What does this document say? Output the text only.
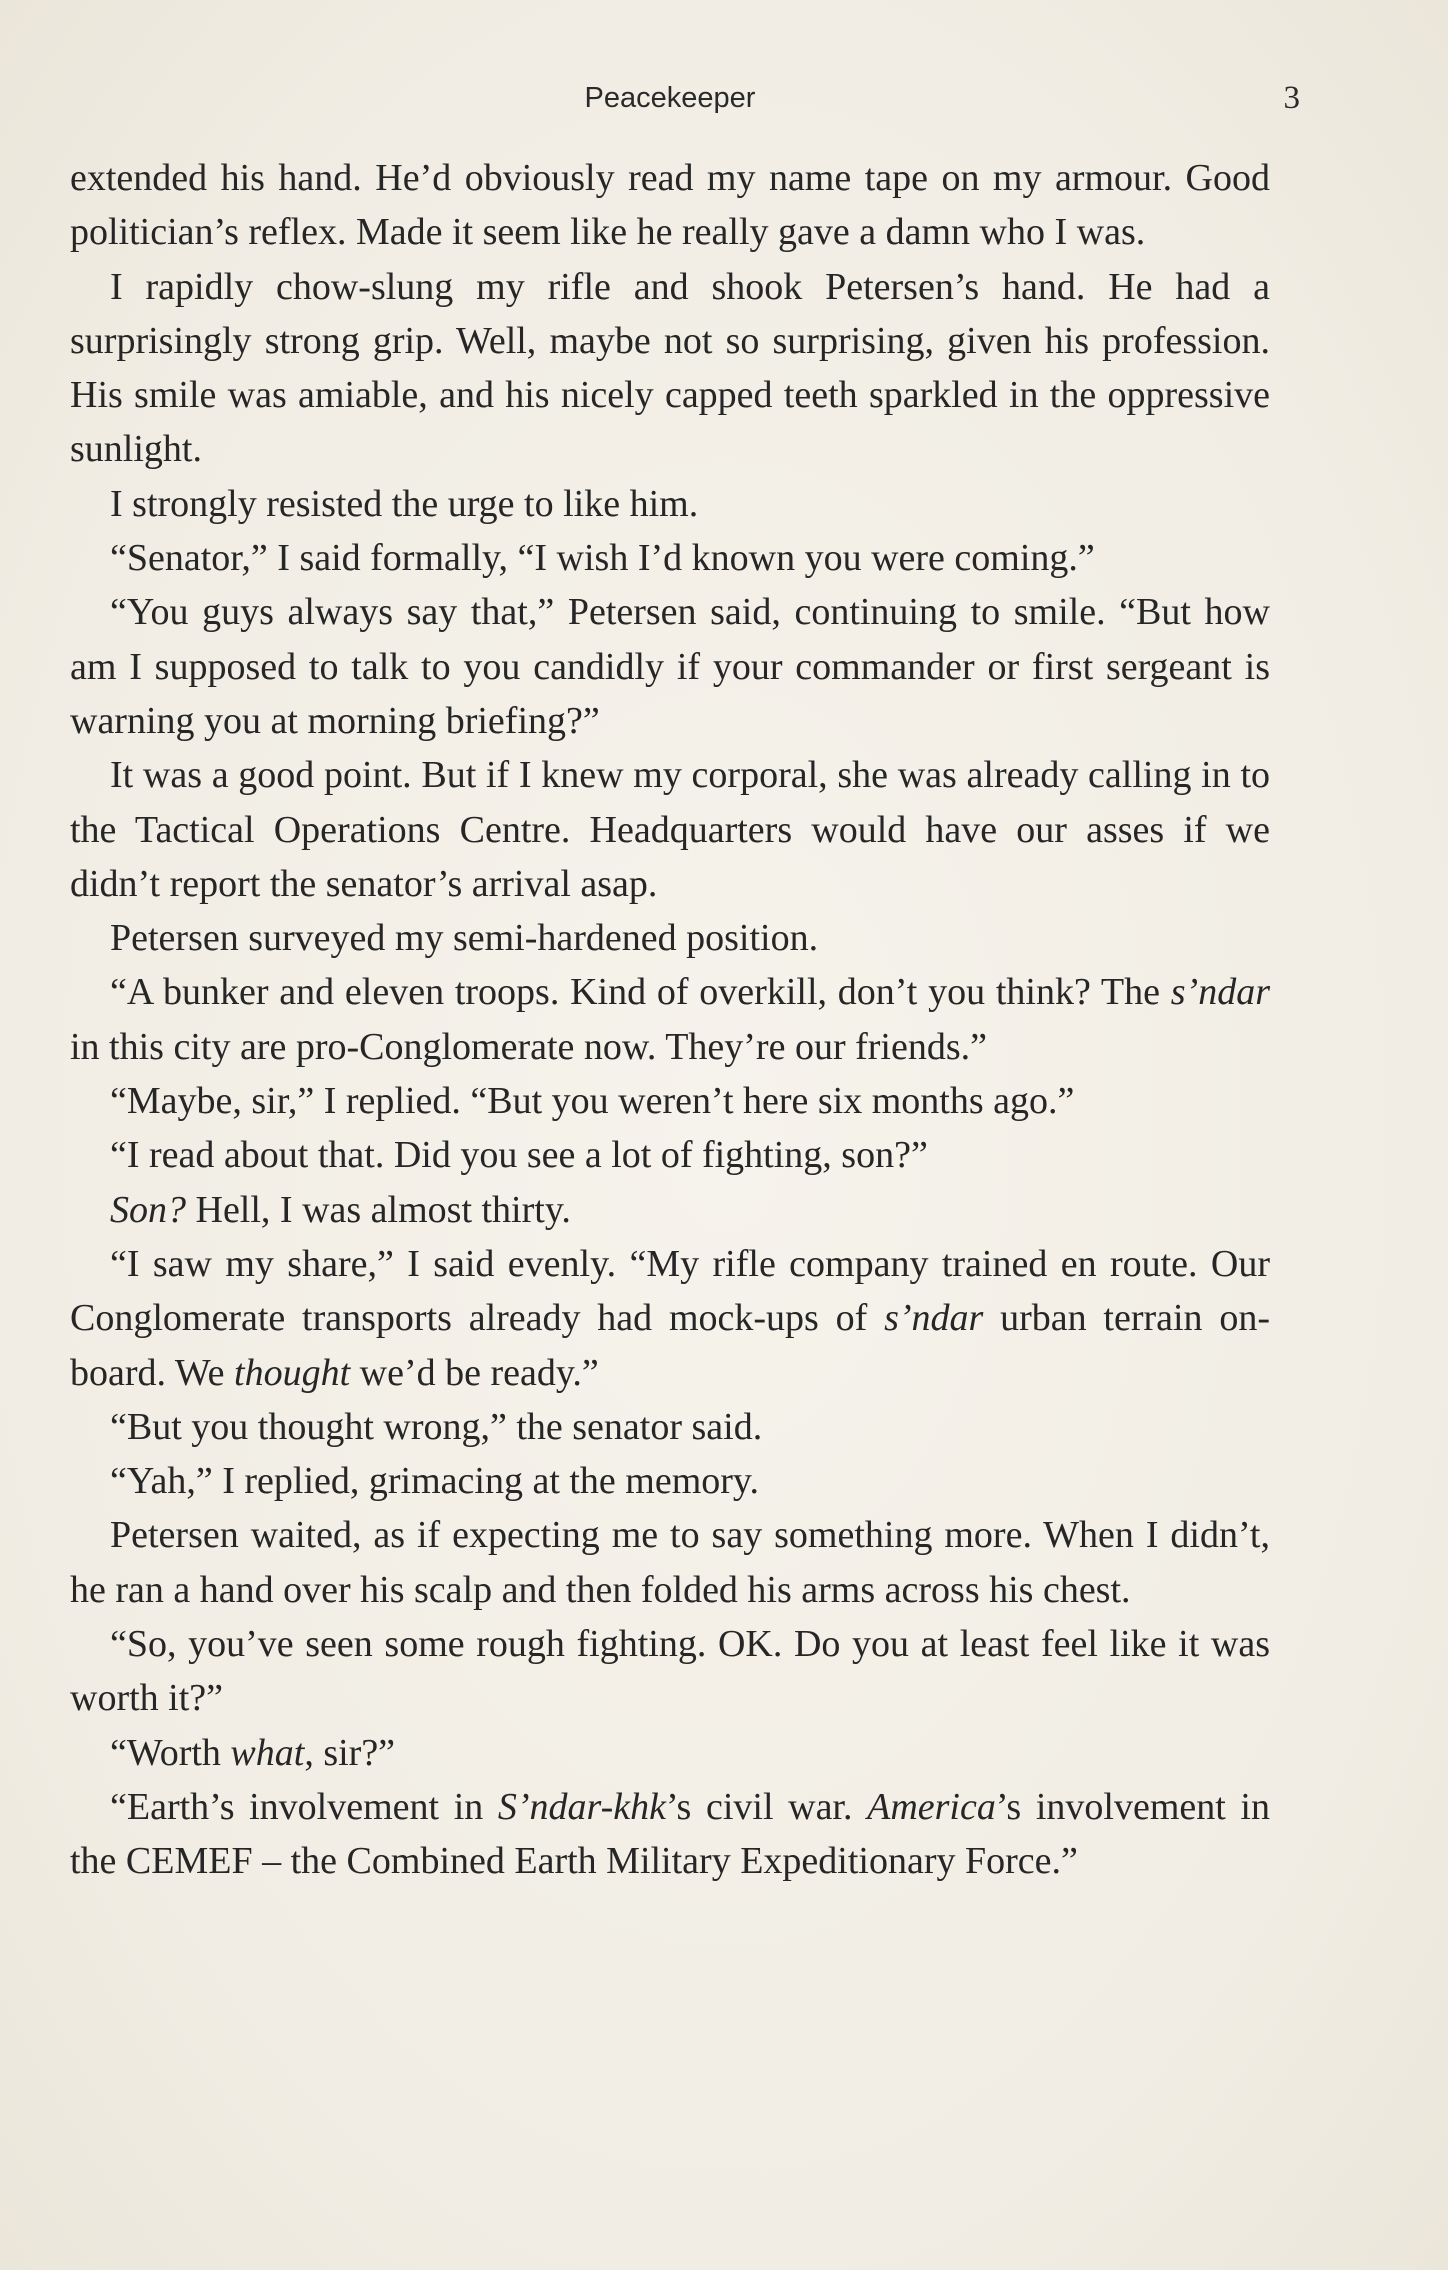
Peacekeeper	3

extended his hand. He’d obviously read my name tape on my armour. Good politician’s reflex. Made it seem like he really gave a damn who I was.

I rapidly chow-slung my rifle and shook Petersen’s hand. He had a surprisingly strong grip. Well, maybe not so surprising, given his profession. His smile was amiable, and his nicely capped teeth sparkled in the oppressive sunlight.

I strongly resisted the urge to like him.

“Senator,” I said formally, “I wish I’d known you were coming.”

“You guys always say that,” Petersen said, continuing to smile. “But how am I supposed to talk to you candidly if your commander or first sergeant is warning you at morning briefing?”

It was a good point. But if I knew my corporal, she was already calling in to the Tactical Operations Centre. Headquarters would have our asses if we didn’t report the senator’s arrival asap.

Petersen surveyed my semi-hardened position.

“A bunker and eleven troops. Kind of overkill, don’t you think? The s’ndar in this city are pro-Conglomerate now. They’re our friends.”

“Maybe, sir,” I replied. “But you weren’t here six months ago.”

“I read about that. Did you see a lot of fighting, son?”

Son? Hell, I was almost thirty.

“I saw my share,” I said evenly. “My rifle company trained en route. Our Conglomerate transports already had mock-ups of s’ndar urban terrain on-board. We thought we’d be ready.”

“But you thought wrong,” the senator said.

“Yah,” I replied, grimacing at the memory.

Petersen waited, as if expecting me to say something more. When I didn’t, he ran a hand over his scalp and then folded his arms across his chest.

“So, you’ve seen some rough fighting. OK. Do you at least feel like it was worth it?”

“Worth what, sir?”

“Earth’s involvement in S’ndar-khk’s civil war. America’s involvement in the CEMEF – the Combined Earth Military Expeditionary Force.”
